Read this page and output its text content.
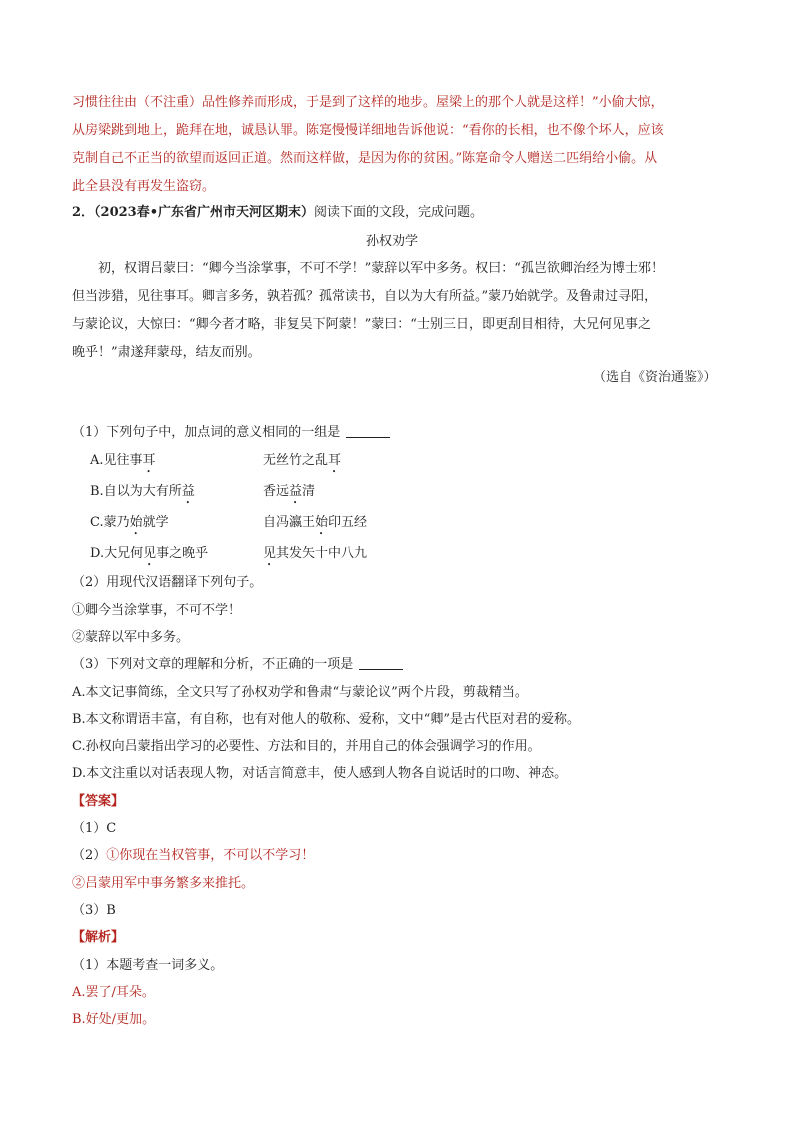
习惯往往由（不注重）品性修养而形成，于是到了这样的地步。屋梁上的那个人就是这样！”小偷大惊，
从房梁跳到地上，跪拜在地，诚恳认罪。陈寔慢慢详细地告诉他说：“看你的长相，也不像个坏人，应该
克制自己不正当的欲望而返回正道。然而这样做，是因为你的贫困。”陈寔命令人赠送二匹绢给小偷。从
此全县没有再发生盗窃。
2．（2023春•广东省广州市天河区期末）阅读下面的文段，完成问题。
孙权劝学
初，权谓吕蒙曰：“卿今当涂掌事，不可不学！”蒙辞以军中多务。权曰：“孤岂欲卿治经为博士邪！
但当涉猎，见往事耳。卿言多务，孰若孤？孤常读书，自以为大有所益。”蒙乃始就学。及鲁肃过寻阳，
与蒙论议，大惊曰：“卿今者才略，非复吴下阿蒙！”蒙曰：“士别三日，即更刮目相待，大兄何见事之
晚乎！”肃遂拜蒙母，结友而别。
（选自《资治通鉴》）
（1）下列句子中，加点词的意义相同的一组是
A.见往事耳	无丝竹之乱耳
B.自以为大有所益	香远益清
C.蒙乃始就学	自冯瀛王始印五经
D.大兄何见事之晚乎	见其发矢十中八九
（2）用现代汉语翻译下列句子。
①卿今当涂掌事，不可不学！
②蒙辞以军中多务。
（3）下列对文章的理解和分析，不正确的一项是
A.本文记事简练，全文只写了孙权劝学和鲁肃“与蒙论议”两个片段，剪裁精当。
B.本文称谓语丰富，有自称，也有对他人的敬称、爱称，文中“卿”是古代臣对君的爱称。
C.孙权向吕蒙指出学习的必要性、方法和目的，并用自己的体会强调学习的作用。
D.本文注重以对话表现人物，对话言简意丰，使人感到人物各自说话时的口吻、神态。
【答案】
（1）C
（2）①你现在当权管事，不可以不学习！
②吕蒙用军中事务繁多来推托。
（3）B
【解析】
（1）本题考查一词多义。
A.罢了/耳朵。
B.好处/更加。
